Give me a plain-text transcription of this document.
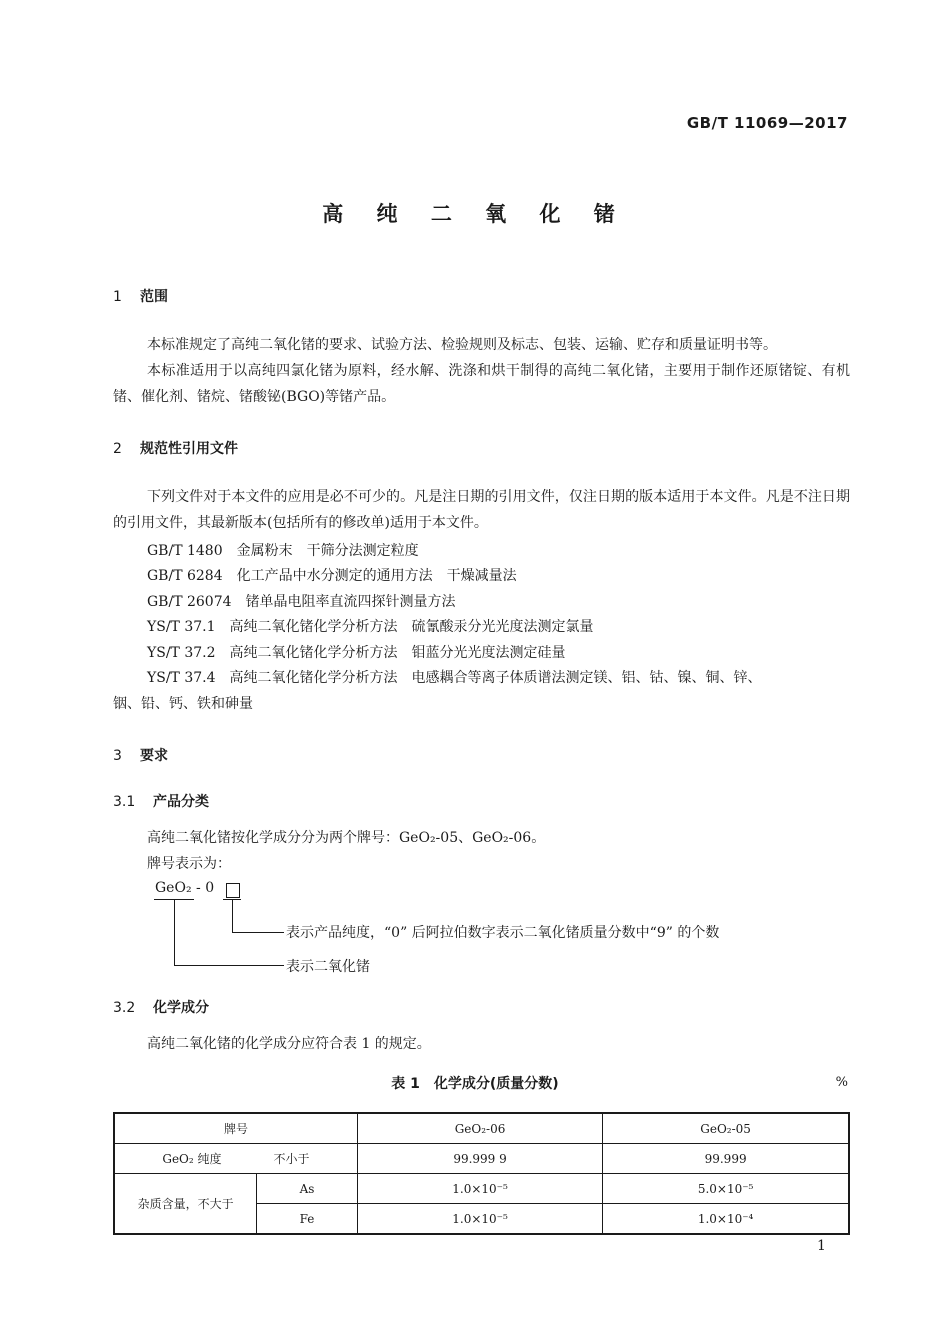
GB/T 11069—2017
高 纯 二 氧 化 锗
1 范围
本标准规定了高纯二氧化锗的要求、试验方法、检验规则及标志、包装、运输、贮存和质量证明书等。
本标准适用于以高纯四氯化锗为原料，经水解、洗涤和烘干制得的高纯二氧化锗，主要用于制作还原锗锭、有机锗、催化剂、锗烷、锗酸铋(BGO)等锗产品。
2 规范性引用文件
下列文件对于本文件的应用是必不可少的。凡是注日期的引用文件，仅注日期的版本适用于本文件。凡是不注日期的引用文件，其最新版本(包括所有的修改单)适用于本文件。
GB/T 1480　金属粉末　干筛分法测定粒度
GB/T 6284　化工产品中水分测定的通用方法　干燥减量法
GB/T 26074　锗单晶电阻率直流四探针测量方法
YS/T 37.1　高纯二氧化锗化学分析方法　硫氰酸汞分光光度法测定氯量
YS/T 37.2　高纯二氧化锗化学分析方法　钼蓝分光光度法测定硅量
YS/T 37.4　高纯二氧化锗化学分析方法　电感耦合等离子体质谱法测定镁、铝、钴、镍、铜、锌、
铟、铅、钙、铁和砷量
3 要求
3.1 产品分类
高纯二氧化锗按化学成分分为两个牌号：GeO₂-05、GeO₂-06。
牌号表示为：
GeO₂ - 0
表示产品纯度，“0” 后阿拉伯数字表示二氧化锗质量分数中“9” 的个数
表示二氧化锗
3.2 化学成分
高纯二氧化锗的化学成分应符合表 1 的规定。
表 1　化学成分(质量分数)	%
牌号		GeO₂-06	GeO₂-05
GeO₂ 纯度 不小于		99.999 9	99.999
杂质含量，不大于	As	1.0×10⁻⁵	5.0×10⁻⁵
	Fe	1.0×10⁻⁵	1.0×10⁻⁴
1
